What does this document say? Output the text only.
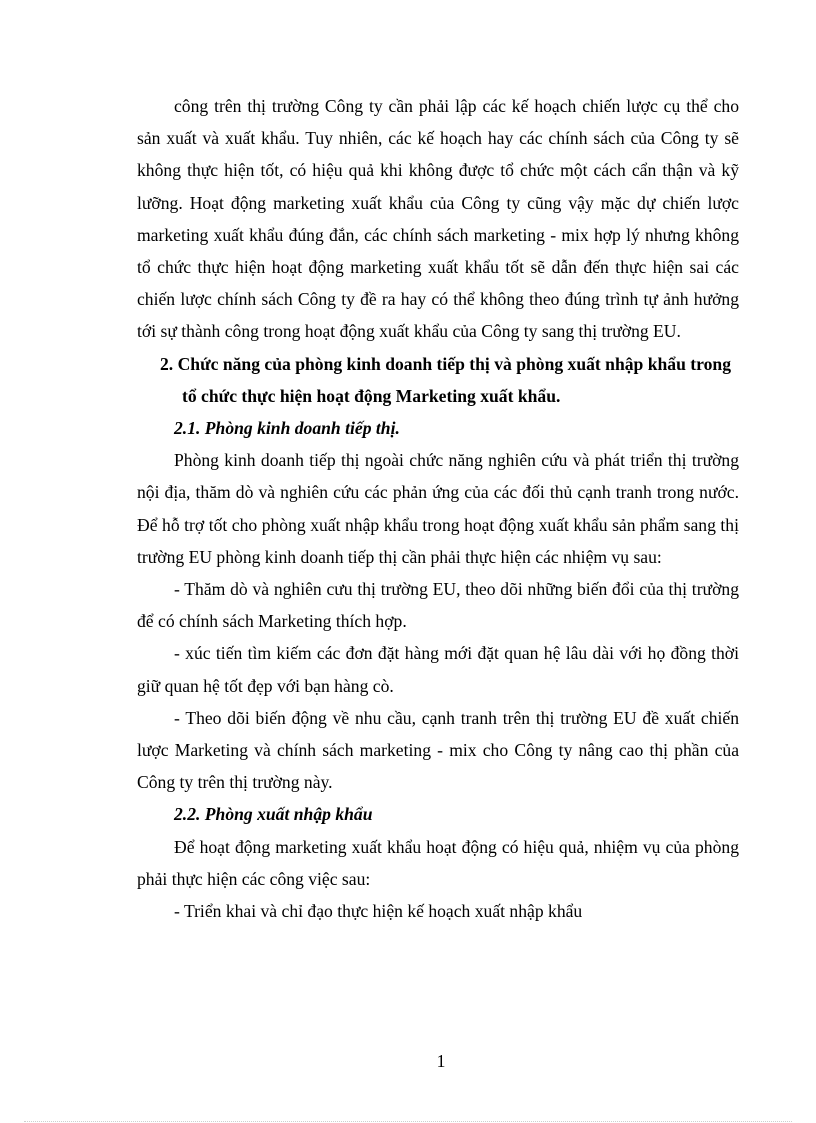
công trên thị trường Công ty cần phải lập các kế hoạch chiến lược cụ thể cho sản xuất và xuất khẩu. Tuy nhiên, các kế hoạch hay các chính sách của Công ty sẽ không thực hiện tốt, có hiệu quả khi không được tổ chức một cách cẩn thận và kỹ lưỡng. Hoạt động marketing xuất khẩu của Công ty cũng vậy mặc dự chiến lược marketing xuất khẩu đúng đắn, các chính sách marketing - mix hợp lý nhưng không tổ chức thực hiện hoạt động marketing xuất khẩu tốt sẽ dẫn đến thực hiện sai các chiến lược chính sách Công ty đề ra hay có thể không theo đúng trình tự ảnh hưởng tới sự thành công trong hoạt động xuất khẩu của Công ty sang thị trường EU.

2. Chức năng của phòng kinh doanh tiếp thị và phòng xuất nhập khẩu trong tổ chức thực hiện hoạt động Marketing xuất khẩu.

2.1. Phòng kinh doanh tiếp thị.

Phòng kinh doanh tiếp thị ngoài chức năng nghiên cứu và phát triển thị trường nội địa, thăm dò và nghiên cứu các phản ứng của các đối thủ cạnh tranh trong nước. Để hỗ trợ tốt cho phòng xuất nhập khẩu trong hoạt động xuất khẩu sản phẩm sang thị trường EU phòng kinh doanh tiếp thị cần phải thực hiện các nhiệm vụ sau:

- Thăm dò và nghiên cưu thị trường EU, theo dõi những biến đổi của thị trường để có chính sách Marketing thích hợp.

- xúc tiến tìm kiếm các đơn đặt hàng mới đặt quan hệ lâu dài với họ đồng thời giữ quan hệ tốt đẹp với bạn hàng cò.

- Theo dõi biến động về nhu cầu, cạnh tranh trên thị trường EU đề xuất chiến lược Marketing và chính sách marketing - mix cho Công ty nâng cao thị phần của Công ty trên thị trường này.

2.2. Phòng xuất nhập khẩu

Để hoạt động marketing xuất khẩu hoạt động có hiệu quả, nhiệm vụ của phòng phải thực hiện các công việc sau:

- Triển khai và chỉ đạo thực hiện kế hoạch xuất nhập khẩu

1
